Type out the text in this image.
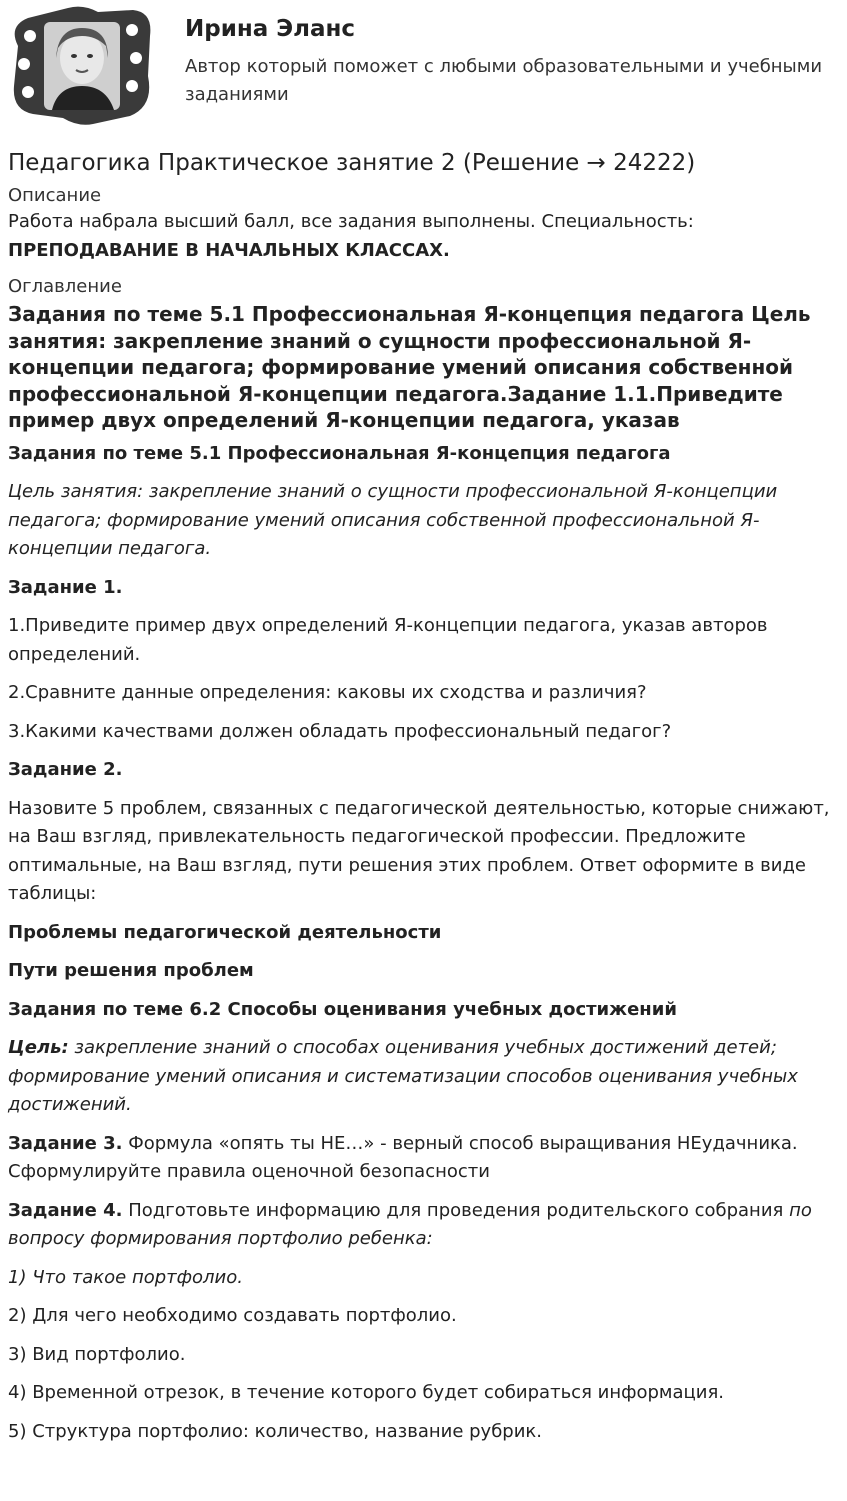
Ирина Эланс
Автор который поможет с любыми образовательными и учебными заданиями
Педагогика Практическое занятие 2 (Решение → 24222)
Описание

Работа набрала высший балл, все задания выполнены. Специальность:

ПРЕПОДАВАНИЕ В НАЧАЛЬНЫХ КЛАССАХ.

Оглавление
Задания по теме 5.1 Профессиональная Я-концепция педагога Цель занятия: закрепление знаний о сущности профессиональной Я-концепции педагога; формирование умений описания собственной профессиональной Я-концепции педагога.Задание 1.1.Приведите пример двух определений Я-концепции педагога, указав

Задания по теме 5.1 Профессиональная Я-концепция педагога

Цель занятия: закрепление знаний о сущности профессиональной Я-концепции педагога; формирование умений описания собственной профессиональной Я-концепции педагога.

Задание 1.

1.Приведите пример двух определений Я-концепции педагога, указав авторов определений.

2.Сравните данные определения: каковы их сходства и различия?

3.Какими качествами должен обладать профессиональный педагог?

Задание 2.

Назовите 5 проблем, связанных с педагогической деятельностью, которые снижают, на Ваш взгляд, привлекательность педагогической профессии. Предложите оптимальные, на Ваш взгляд, пути решения этих проблем. Ответ оформите в виде таблицы:

Проблемы педагогической деятельности

Пути решения проблем

Задания по теме 6.2 Способы оценивания учебных достижений

Цель: закрепление знаний о способах оценивания учебных достижений детей; формирование умений описания и систематизации способов оценивания учебных достижений.

Задание 3. Формула «опять ты НЕ…» - верный способ выращивания НЕудачника. Сформулируйте правила оценочной безопасности

Задание 4. Подготовьте информацию для проведения родительского собрания по вопросу формирования портфолио ребенка:

1) Что такое портфолио.

2) Для чего необходимо создавать портфолио.

3) Вид портфолио.

4) Временной отрезок, в течение которого будет собираться информация.

5) Структура портфолио: количество, название рубрик.
